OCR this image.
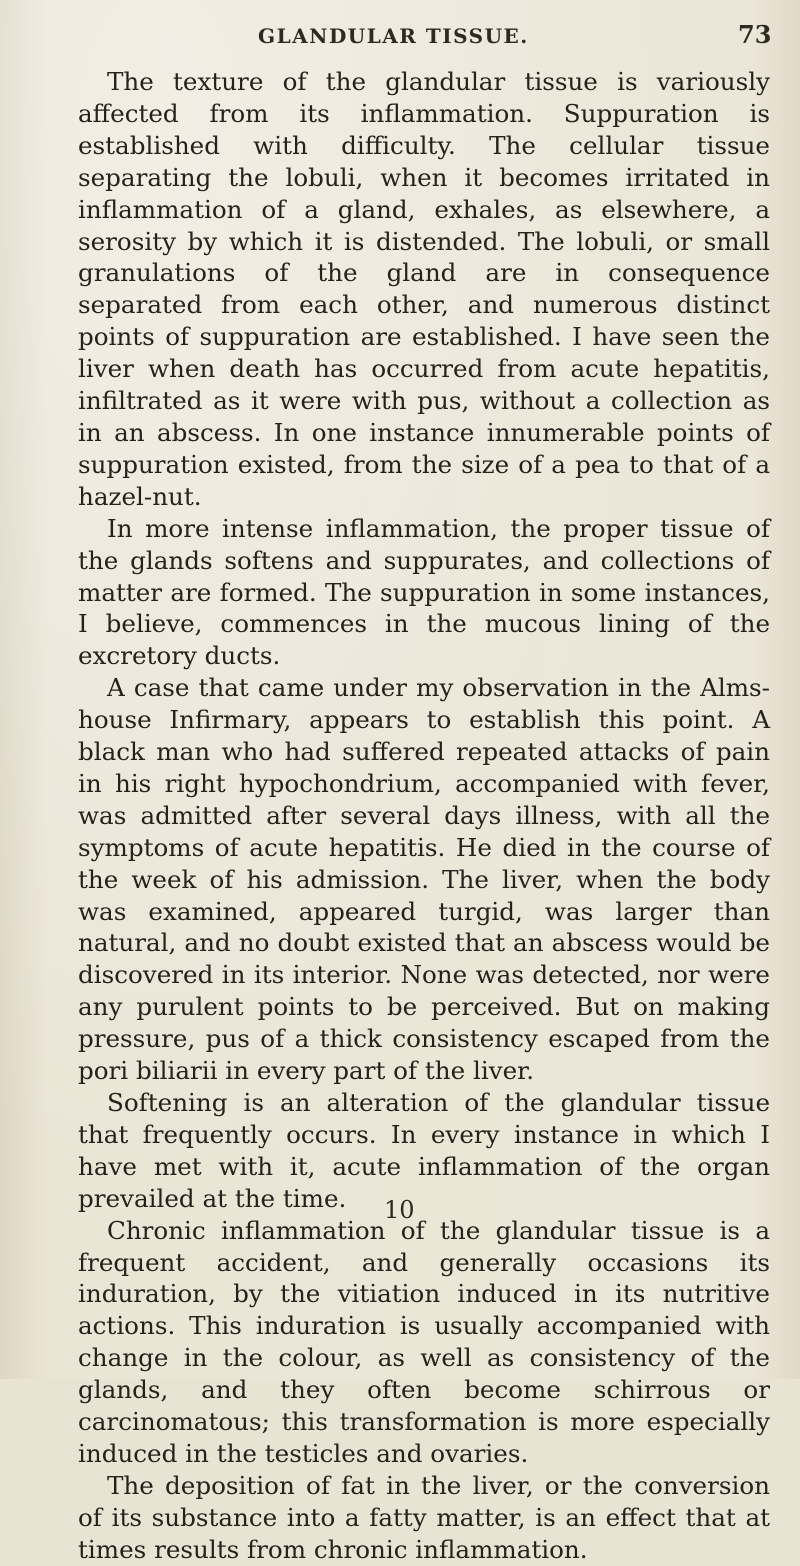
GLANDULAR TISSUE.	73

The texture of the glandular tissue is variously affected from its inflammation. Suppuration is established with difficulty. The cellular tissue separating the lobuli, when it becomes irritated in inflammation of a gland, exhales, as elsewhere, a serosity by which it is distended. The lobuli, or small granulations of the gland are in consequence separated from each other, and numerous distinct points of suppuration are established. I have seen the liver when death has occurred from acute hepatitis, infiltrated as it were with pus, without a collection as in an abscess. In one instance innumerable points of suppuration existed, from the size of a pea to that of a hazel-nut.

In more intense inflammation, the proper tissue of the glands softens and suppurates, and collections of matter are formed. The suppuration in some instances, I believe, commences in the mucous lining of the excretory ducts.

A case that came under my observation in the Alms-house Infirmary, appears to establish this point. A black man who had suffered repeated attacks of pain in his right hypochondrium, accompanied with fever, was admitted after several days illness, with all the symptoms of acute hepatitis. He died in the course of the week of his admission. The liver, when the body was examined, appeared turgid, was larger than natural, and no doubt existed that an abscess would be discovered in its interior. None was detected, nor were any purulent points to be perceived. But on making pressure, pus of a thick consistency escaped from the pori biliarii in every part of the liver.

Softening is an alteration of the glandular tissue that frequently occurs. In every instance in which I have met with it, acute inflammation of the organ prevailed at the time.

Chronic inflammation of the glandular tissue is a frequent accident, and generally occasions its induration, by the vitiation induced in its nutritive actions. This induration is usually accompanied with change in the colour, as well as consistency of the glands, and they often become schirrous or carcinomatous; this transformation is more especially induced in the testicles and ovaries.

The deposition of fat in the liver, or the conversion of its substance into a fatty matter, is an effect that at times results from chronic inflammation.

10
